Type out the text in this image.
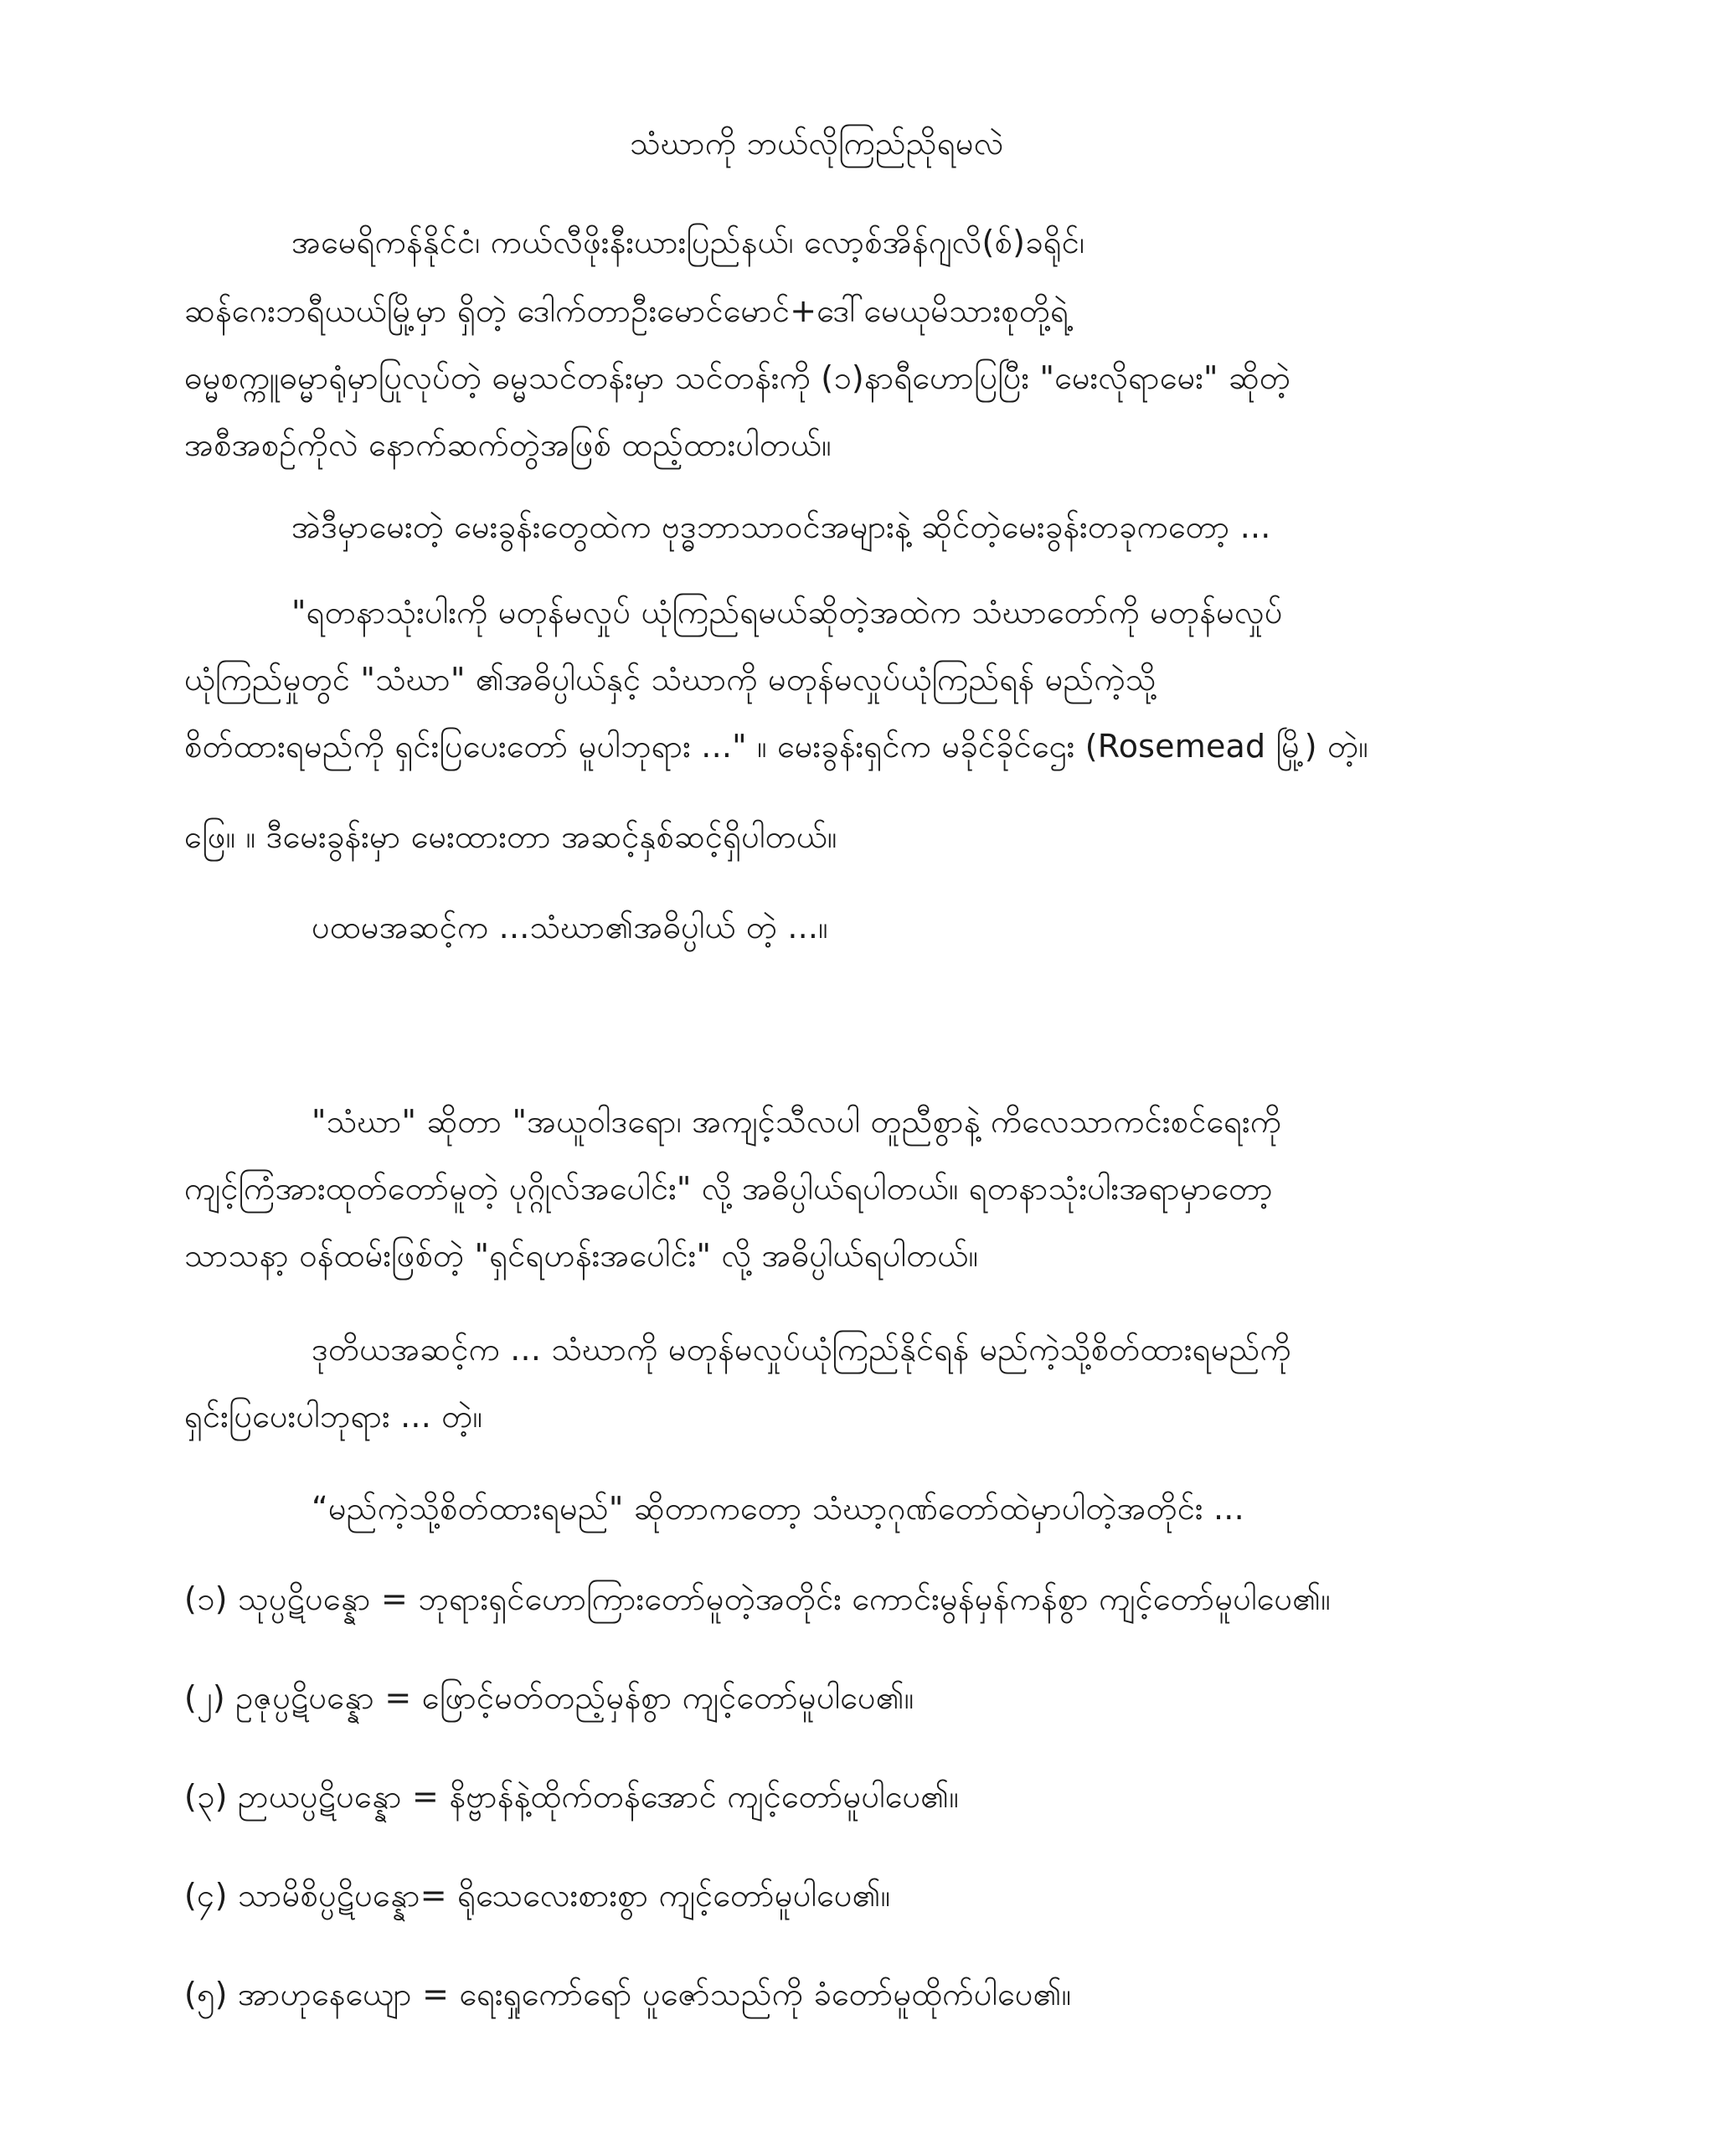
သံဃာကို ဘယ်လိုကြည်ညိုရမလဲ
အမေရိကန်နိုင်ငံ၊ ကယ်လီဖိုးနီးယားပြည်နယ်၊ လော့စ်အိန်ဂျလိ(စ်)ခရိုင်၊
ဆန်ဂေးဘရီယယ်မြို့မှာ ရှိတဲ့ ဒေါက်တာဦးမောင်မောင်+ဒေါ်မေယုမိသားစုတို့ရဲ့
ဓမ္မစက္ကူဓမ္မာရုံမှာပြုလုပ်တဲ့ ဓမ္မသင်တန်းမှာ သင်တန်းကို (၁)နာရီဟောပြပြီး "မေးလိုရာမေး" ဆိုတဲ့
အစီအစဉ်ကိုလဲ နောက်ဆက်တွဲအဖြစ် ထည့်ထားပါတယ်။
အဲဒီမှာမေးတဲ့ မေးခွန်းတွေထဲက ဗုဒ္ဓဘာသာဝင်အများနဲ့ ဆိုင်တဲ့မေးခွန်းတခုကတော့ ...
"ရတနာသုံးပါးကို မတုန်မလှုပ် ယုံကြည်ရမယ်ဆိုတဲ့အထဲက သံဃာတော်ကို မတုန်မလှုပ်
ယုံကြည်မှုတွင် "သံဃာ" ၏အဓိပ္ပါယ်နှင့် သံဃာကို မတုန်မလှုပ်ယုံကြည်ရန် မည်ကဲ့သို့
စိတ်ထားရမည်ကို ရှင်းပြပေးတော် မူပါဘုရား ..." ။ မေးခွန်းရှင်က မခိုင်ခိုင်ဌေး (Rosemead မြို့) တဲ့။
ဖြေ။ ။ ဒီမေးခွန်းမှာ မေးထားတာ အဆင့်နှစ်ဆင့်ရှိပါတယ်။
ပထမအဆင့်က ...သံဃာ၏အဓိပ္ပါယ် တဲ့ ...။
"သံဃာ" ဆိုတာ "အယူဝါဒရော၊ အကျင့်သီလပါ တူညီစွာနဲ့ ကိလေသာကင်းစင်ရေးကို
ကျင့်ကြံအားထုတ်တော်မူတဲ့ ပုဂ္ဂိုလ်အပေါင်း" လို့ အဓိပ္ပါယ်ရပါတယ်။ ရတနာသုံးပါးအရာမှာတော့
သာသနာ့ ဝန်ထမ်းဖြစ်တဲ့ "ရှင်ရဟန်းအပေါင်း" လို့ အဓိပ္ပါယ်ရပါတယ်။
ဒုတိယအဆင့်က ... သံဃာကို မတုန်မလှုပ်ယုံကြည်နိုင်ရန် မည်ကဲ့သို့စိတ်ထားရမည်ကို
ရှင်းပြပေးပါဘုရား ... တဲ့။
“မည်ကဲ့သို့စိတ်ထားရမည်" ဆိုတာကတော့ သံဃာ့ဂုဏ်တော်ထဲမှာပါတဲ့အတိုင်း ...
(၁) သုပ္ပဋိပန္နော = ဘုရားရှင်ဟောကြားတော်မူတဲ့အတိုင်း ကောင်းမွန်မှန်ကန်စွာ ကျင့်တော်မူပါပေ၏။
(၂) ဥဇုပ္ပဋိပန္နော = ဖြောင့်မတ်တည့်မှန်စွာ ကျင့်တော်မူပါပေ၏။
(၃) ဉာယပ္ပဋိပန္နော = နိဗ္ဗာန်နဲ့ထိုက်တန်အောင် ကျင့်တော်မူပါပေ၏။
(၄) သာမိစိပ္ပဋိပန္နော= ရိုသေလေးစားစွာ ကျင့်တော်မူပါပေ၏။
(၅) အာဟုနေယျော = ရေးရှုကော်ရော် ပူဇော်သည်ကို ခံတော်မူထိုက်ပါပေ၏။
